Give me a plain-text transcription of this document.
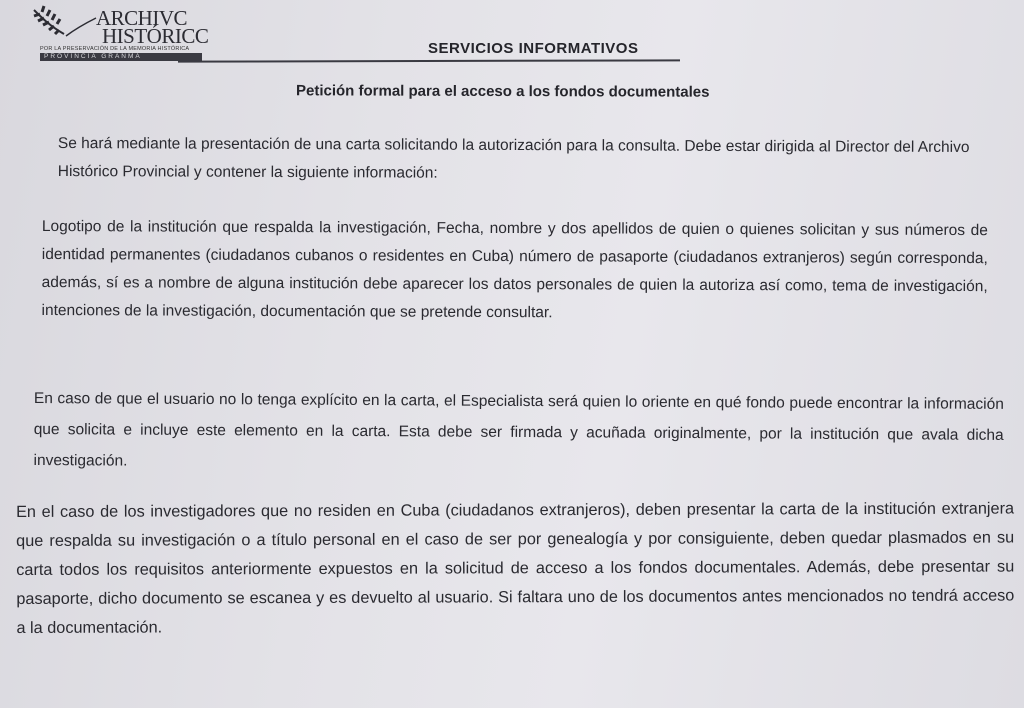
ARCHIVC
HISTÓRICC
POR LA PRESERVACIÓN DE LA MEMORIA HISTÓRICA
PROVINCIA GRANMA	SERVICIOS INFORMATIVOS
Petición formal para el acceso a los fondos documentales

Se hará mediante la presentación de una carta solicitando la autorización para la consulta. Debe estar dirigida al Director del Archivo Histórico Provincial y contener la siguiente información:

Logotipo de la institución que respalda la investigación, Fecha, nombre y dos apellidos de quien o quienes solicitan y sus números de identidad permanentes (ciudadanos cubanos o residentes en Cuba) número de pasaporte (ciudadanos extranjeros) según corresponda, además, sí es a nombre de alguna institución debe aparecer los datos personales de quien la autoriza así como, tema de investigación, intenciones de la investigación, documentación que se pretende consultar.

En caso de que el usuario no lo tenga explícito en la carta, el Especialista será quien lo oriente en qué fondo puede encontrar la información que solicita e incluye este elemento en la carta. Esta debe ser firmada y acuñada originalmente, por la institución que avala dicha investigación.

En el caso de los investigadores que no residen en Cuba (ciudadanos extranjeros), deben presentar la carta de la institución extranjera que respalda su investigación o a título personal en el caso de ser por genealogía y por consiguiente, deben quedar plasmados en su carta todos los requisitos anteriormente expuestos en la solicitud de acceso a los fondos documentales. Además, debe presentar su pasaporte, dicho documento se escanea y es devuelto al usuario. Si faltara uno de los documentos antes mencionados no tendrá acceso a la documentación.
